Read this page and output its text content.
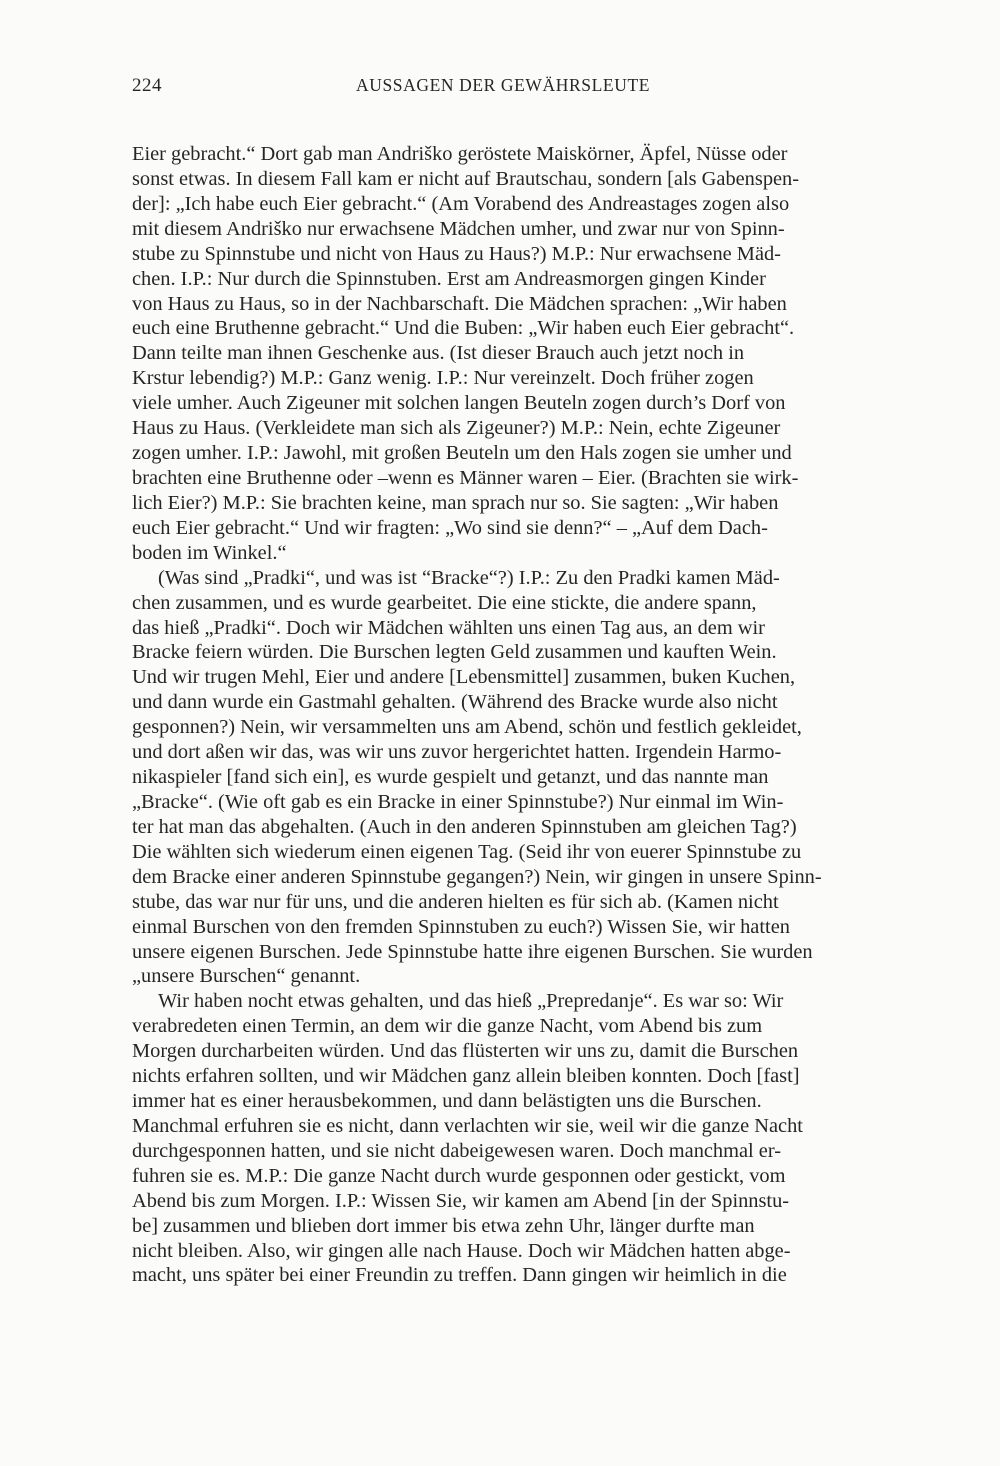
224	AUSSAGEN DER GEWÄHRSLEUTE
Eier gebracht.“ Dort gab man Andriško geröstete Maiskörner, Äpfel, Nüsse oder
sonst etwas. In diesem Fall kam er nicht auf Brautschau, sondern [als Gabenspen-
der]: „Ich habe euch Eier gebracht.“ (Am Vorabend des Andreastages zogen also
mit diesem Andriško nur erwachsene Mädchen umher, und zwar nur von Spinn-
stube zu Spinnstube und nicht von Haus zu Haus?) M.P.: Nur erwachsene Mäd-
chen. I.P.: Nur durch die Spinnstuben. Erst am Andreasmorgen gingen Kinder
von Haus zu Haus, so in der Nachbarschaft. Die Mädchen sprachen: „Wir haben
euch eine Bruthenne gebracht.“ Und die Buben: „Wir haben euch Eier gebracht“.
Dann teilte man ihnen Geschenke aus. (Ist dieser Brauch auch jetzt noch in
Krstur lebendig?) M.P.: Ganz wenig. I.P.: Nur vereinzelt. Doch früher zogen
viele umher. Auch Zigeuner mit solchen langen Beuteln zogen durch’s Dorf von
Haus zu Haus. (Verkleidete man sich als Zigeuner?) M.P.: Nein, echte Zigeuner
zogen umher. I.P.: Jawohl, mit großen Beuteln um den Hals zogen sie umher und
brachten eine Bruthenne oder –wenn es Männer waren – Eier. (Brachten sie wirk-
lich Eier?) M.P.: Sie brachten keine, man sprach nur so. Sie sagten: „Wir haben
euch Eier gebracht.“ Und wir fragten: „Wo sind sie denn?“ – „Auf dem Dach-
boden im Winkel.“
(Was sind „Pradki“, und was ist “Bracke“?) I.P.: Zu den Pradki kamen Mäd-
chen zusammen, und es wurde gearbeitet. Die eine stickte, die andere spann,
das hieß „Pradki“. Doch wir Mädchen wählten uns einen Tag aus, an dem wir
Bracke feiern würden. Die Burschen legten Geld zusammen und kauften Wein.
Und wir trugen Mehl, Eier und andere [Lebensmittel] zusammen, buken Kuchen,
und dann wurde ein Gastmahl gehalten. (Während des Bracke wurde also nicht
gesponnen?) Nein, wir versammelten uns am Abend, schön und festlich gekleidet,
und dort aßen wir das, was wir uns zuvor hergerichtet hatten. Irgendein Harmo-
nikaspieler [fand sich ein], es wurde gespielt und getanzt, und das nannte man
„Bracke“. (Wie oft gab es ein Bracke in einer Spinnstube?) Nur einmal im Win-
ter hat man das abgehalten. (Auch in den anderen Spinnstuben am gleichen Tag?)
Die wählten sich wiederum einen eigenen Tag. (Seid ihr von euerer Spinnstube zu
dem Bracke einer anderen Spinnstube gegangen?) Nein, wir gingen in unsere Spinn-
stube, das war nur für uns, und die anderen hielten es für sich ab. (Kamen nicht
einmal Burschen von den fremden Spinnstuben zu euch?) Wissen Sie, wir hatten
unsere eigenen Burschen. Jede Spinnstube hatte ihre eigenen Burschen. Sie wurden
„unsere Burschen“ genannt.
Wir haben nocht etwas gehalten, und das hieß „Prepredanje“. Es war so: Wir
verabredeten einen Termin, an dem wir die ganze Nacht, vom Abend bis zum
Morgen durcharbeiten würden. Und das flüsterten wir uns zu, damit die Burschen
nichts erfahren sollten, und wir Mädchen ganz allein bleiben konnten. Doch [fast]
immer hat es einer herausbekommen, und dann belästigten uns die Burschen.
Manchmal erfuhren sie es nicht, dann verlachten wir sie, weil wir die ganze Nacht
durchgesponnen hatten, und sie nicht dabeigewesen waren. Doch manchmal er-
fuhren sie es. M.P.: Die ganze Nacht durch wurde gesponnen oder gestickt, vom
Abend bis zum Morgen. I.P.: Wissen Sie, wir kamen am Abend [in der Spinnstu-
be] zusammen und blieben dort immer bis etwa zehn Uhr, länger durfte man
nicht bleiben. Also, wir gingen alle nach Hause. Doch wir Mädchen hatten abge-
macht, uns später bei einer Freundin zu treffen. Dann gingen wir heimlich in die
